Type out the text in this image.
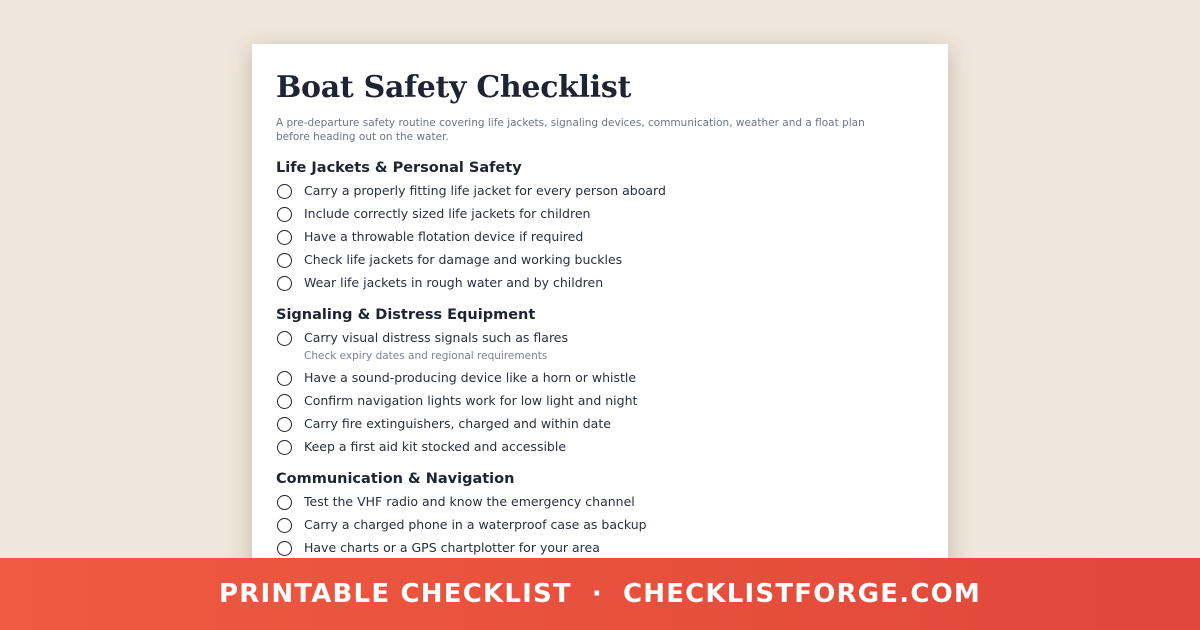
Boat Safety Checklist

A pre-departure safety routine covering life jackets, signaling devices, communication, weather and a float plan before heading out on the water.

Life Jackets & Personal Safety
Carry a properly fitting life jacket for every person aboard
Include correctly sized life jackets for children
Have a throwable flotation device if required
Check life jackets for damage and working buckles
Wear life jackets in rough water and by children
Signaling & Distress Equipment
Carry visual distress signals such as flares
Check expiry dates and regional requirements
Have a sound-producing device like a horn or whistle
Confirm navigation lights work for low light and night
Carry fire extinguishers, charged and within date
Keep a first aid kit stocked and accessible
Communication & Navigation
Test the VHF radio and know the emergency channel
Carry a charged phone in a waterproof case as backup
Have charts or a GPS chartplotter for your area
PRINTABLE CHECKLIST · CHECKLISTFORGE.COM
